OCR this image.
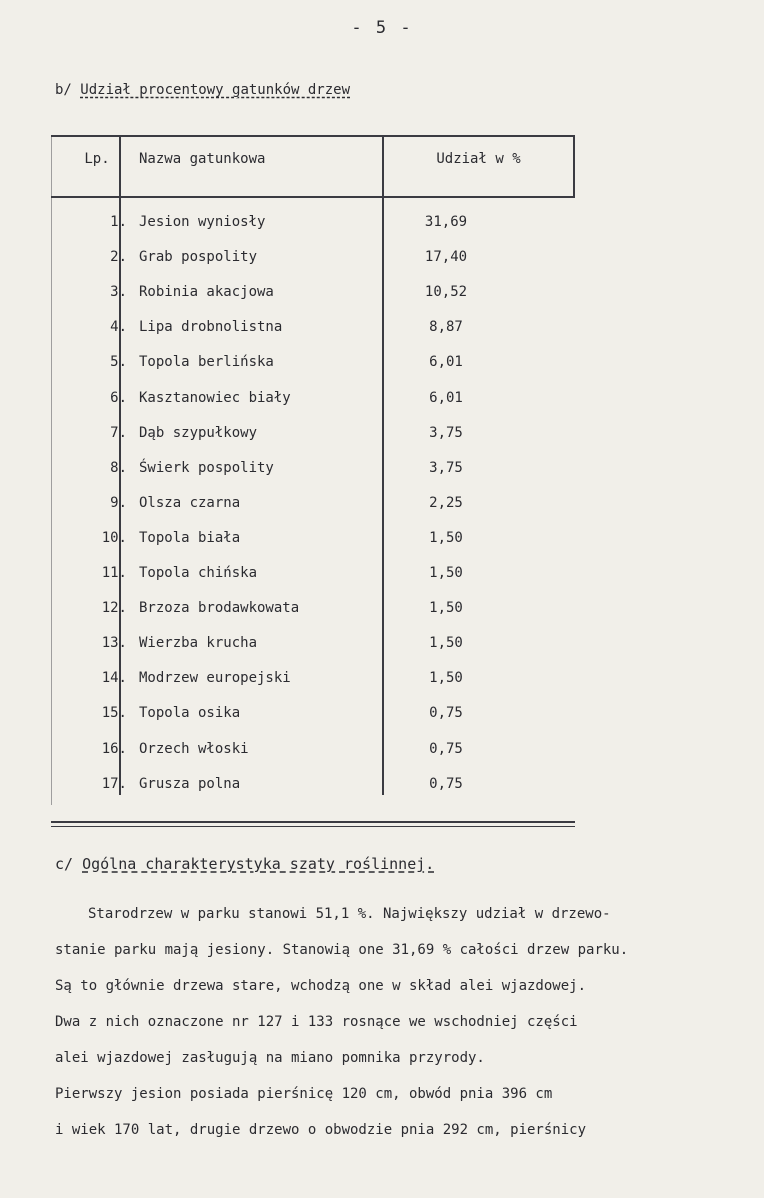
- 5 -
b/ Udział procentowy gatunków drzew
Lp.	Nazwa gatunkowa	Udział w %
1. Jesion wyniosły	31,69
2. Grab pospolity	17,40
3. Robinia akacjowa	10,52
4. Lipa drobnolistna	8,87
5. Topola berlińska	6,01
6. Kasztanowiec biały	6,01
7. Dąb szypułkowy	3,75
8. Świerk pospolity	3,75
9. Olsza czarna	2,25
10. Topola biała	1,50
11. Topola chińska	1,50
12. Brzoza brodawkowata	1,50
13. Wierzba krucha	1,50
14. Modrzew europejski	1,50
15. Topola osika	0,75
16. Orzech włoski	0,75
17. Grusza polna	0,75
c/ Ogólna charakterystyka szaty roślinnej.
Starodrzew w parku stanowi 51,1 %. Największy udział w drzewo-
stanie parku mają jesiony. Stanowią one 31,69 % całości drzew parku.
Są to głównie drzewa stare, wchodzą one w skład alei wjazdowej.
Dwa z nich oznaczone nr 127 i 133 rosnące we wschodniej części
alei wjazdowej zasługują na miano pomnika przyrody.
Pierwszy jesion posiada pierśnicę 120 cm, obwód pnia 396 cm
i wiek 170 lat, drugie drzewo o obwodzie pnia 292 cm, pierśnicy
